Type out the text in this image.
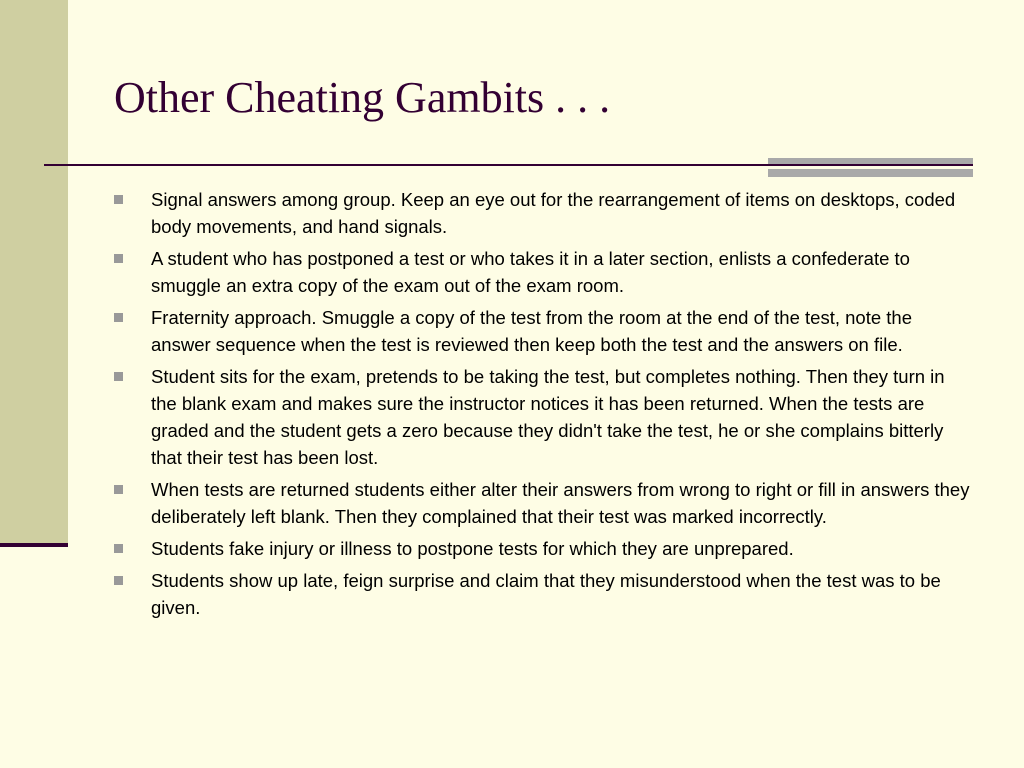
Other Cheating Gambits . . .
Signal answers among group. Keep an eye out for the rearrangement of items on desktops, coded body movements, and hand signals.
A student who has postponed a test or who takes it in a later section, enlists a confederate to smuggle an extra copy of the exam out of the exam room.
Fraternity approach. Smuggle a copy of the test from the room at the end of the test, note the answer sequence when the test is reviewed then keep both the test and the answers on file.
Student sits for the exam, pretends to be taking the test, but completes nothing. Then they turn in the blank exam and makes sure the instructor notices it has been returned. When the tests are graded and the student gets a zero because they didn't take the test, he or she complains bitterly that their test has been lost.
When tests are returned students either alter their answers from wrong to right or fill in answers they deliberately left blank. Then they complained that their test was marked incorrectly.
Students fake injury or illness to postpone tests for which they are unprepared.
Students show up late, feign surprise and claim that they misunderstood when the test was to be given.
